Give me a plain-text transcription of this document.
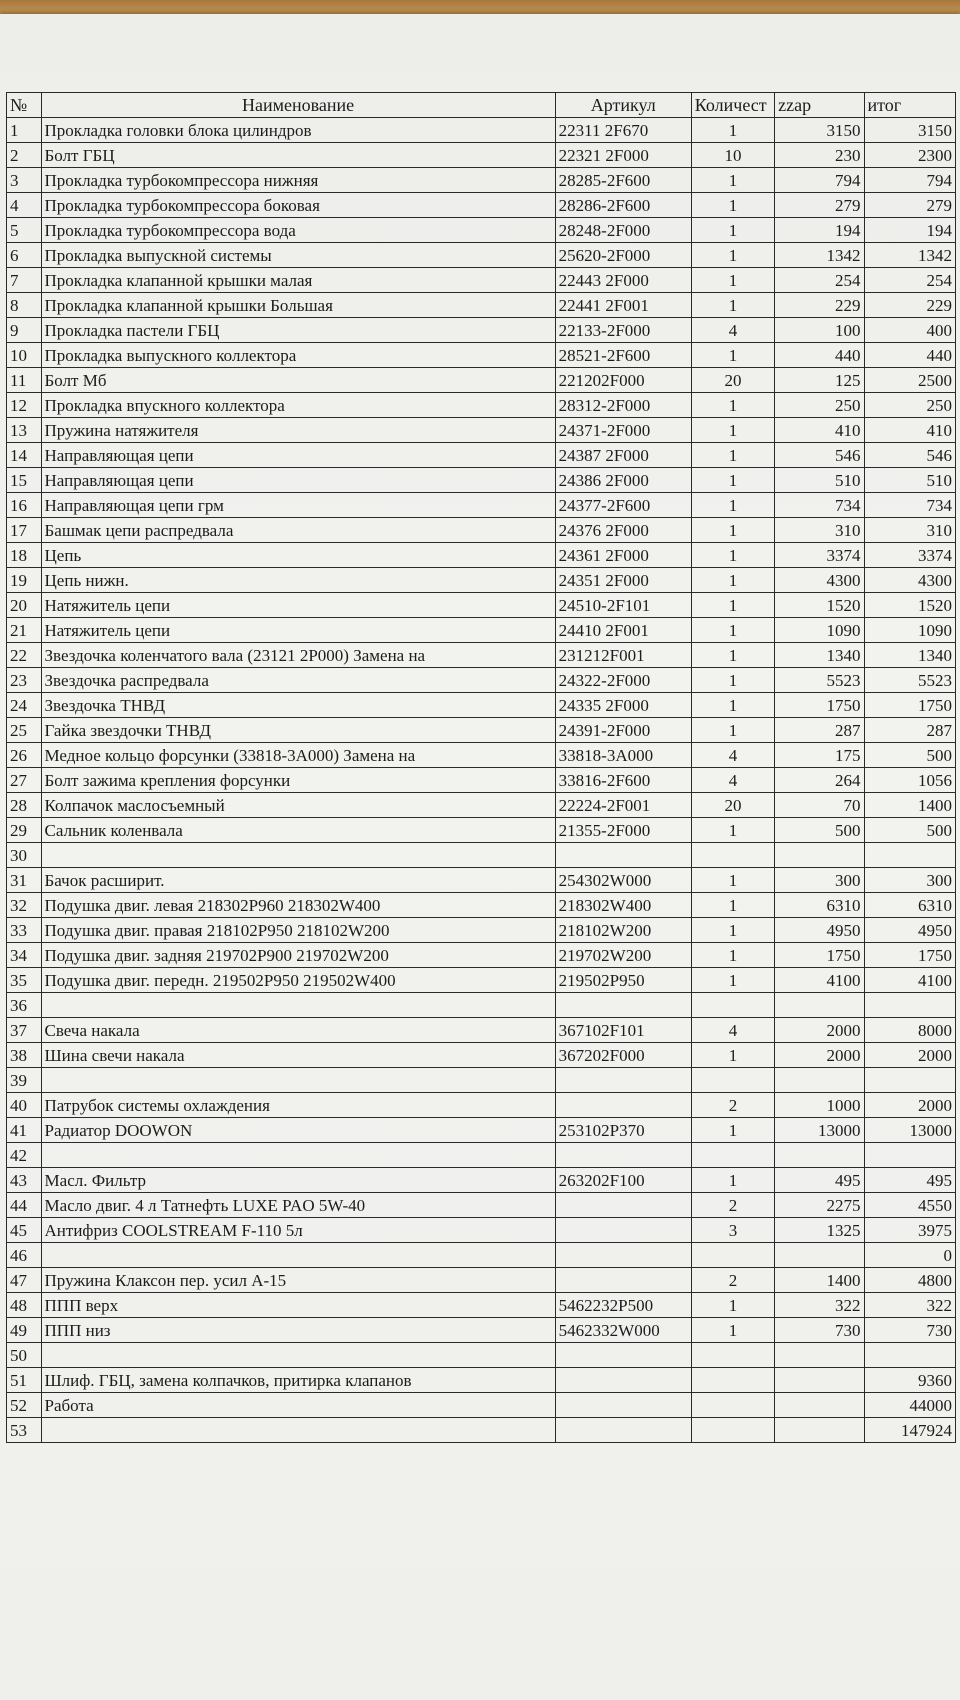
№	Наименование	Артикул	Количест	zzap	итог
1	Прокладка головки блока цилиндров	22311 2F670	1	3150	3150
2	Болт ГБЦ	22321 2F000	10	230	2300
3	Прокладка турбокомпрессора нижняя	28285-2F600	1	794	794
4	Прокладка турбокомпрессора боковая	28286-2F600	1	279	279
5	Прокладка турбокомпрессора вода	28248-2F000	1	194	194
6	Прокладка выпускной системы	25620-2F000	1	1342	1342
7	Прокладка клапанной крышки малая	22443 2F000	1	254	254
8	Прокладка клапанной крышки Большая	22441 2F001	1	229	229
9	Прокладка пастели ГБЦ	22133-2F000	4	100	400
10	Прокладка выпускного коллектора	28521-2F600	1	440	440
11	Болт Мб	221202F000	20	125	2500
12	Прокладка впускного коллектора	28312-2F000	1	250	250
13	Пружина натяжителя	24371-2F000	1	410	410
14	Направляющая цепи	24387 2F000	1	546	546
15	Направляющая цепи	24386 2F000	1	510	510
16	Направляющая цепи грм	24377-2F600	1	734	734
17	Башмак цепи распредвала	24376 2F000	1	310	310
18	Цепь	24361 2F000	1	3374	3374
19	Цепь нижн.	24351 2F000	1	4300	4300
20	Натяжитель цепи	24510-2F101	1	1520	1520
21	Натяжитель цепи	24410 2F001	1	1090	1090
22	Звездочка коленчатого вала (23121 2P000) Замена на	231212F001	1	1340	1340
23	Звездочка распредвала	24322-2F000	1	5523	5523
24	Звездочка ТНВД	24335 2F000	1	1750	1750
25	Гайка звездочки ТНВД	24391-2F000	1	287	287
26	Медное кольцо форсунки (33818-3А000) Замена на	33818-3А000	4	175	500
27	Болт зажима крепления форсунки	33816-2F600	4	264	1056
28	Колпачок маслосъемный	22224-2F001	20	70	1400
29	Сальник коленвала	21355-2F000	1	500	500
30					
31	Бачок расширит.	254302W000	1	300	300
32	Подушка двиг. левая 218302P960 218302W400	218302W400	1	6310	6310
33	Подушка двиг. правая 218102P950 218102W200	218102W200	1	4950	4950
34	Подушка двиг. задняя 219702P900 219702W200	219702W200	1	1750	1750
35	Подушка двиг. передн. 219502P950 219502W400	219502P950	1	4100	4100
36					
37	Свеча накала	367102F101	4	2000	8000
38	Шина свечи накала	367202F000	1	2000	2000
39					
40	Патрубок системы охлаждения		2	1000	2000
41	Радиатор DOOWON	253102P370	1	13000	13000
42					
43	Масл. Фильтр	263202F100	1	495	495
44	Масло двиг. 4 л Татнефть LUXE PAO 5W-40		2	2275	4550
45	Антифриз COOLSTREAM F-110 5л		3	1325	3975
46					0
47	Пружина Клаксон пер. усил А-15		2	1400	4800
48	ППП верх	5462232P500	1	322	322
49	ППП низ	5462332W000	1	730	730
50					
51	Шлиф. ГБЦ, замена колпачков, притирка клапанов				9360
52	Работа				44000
53					147924
